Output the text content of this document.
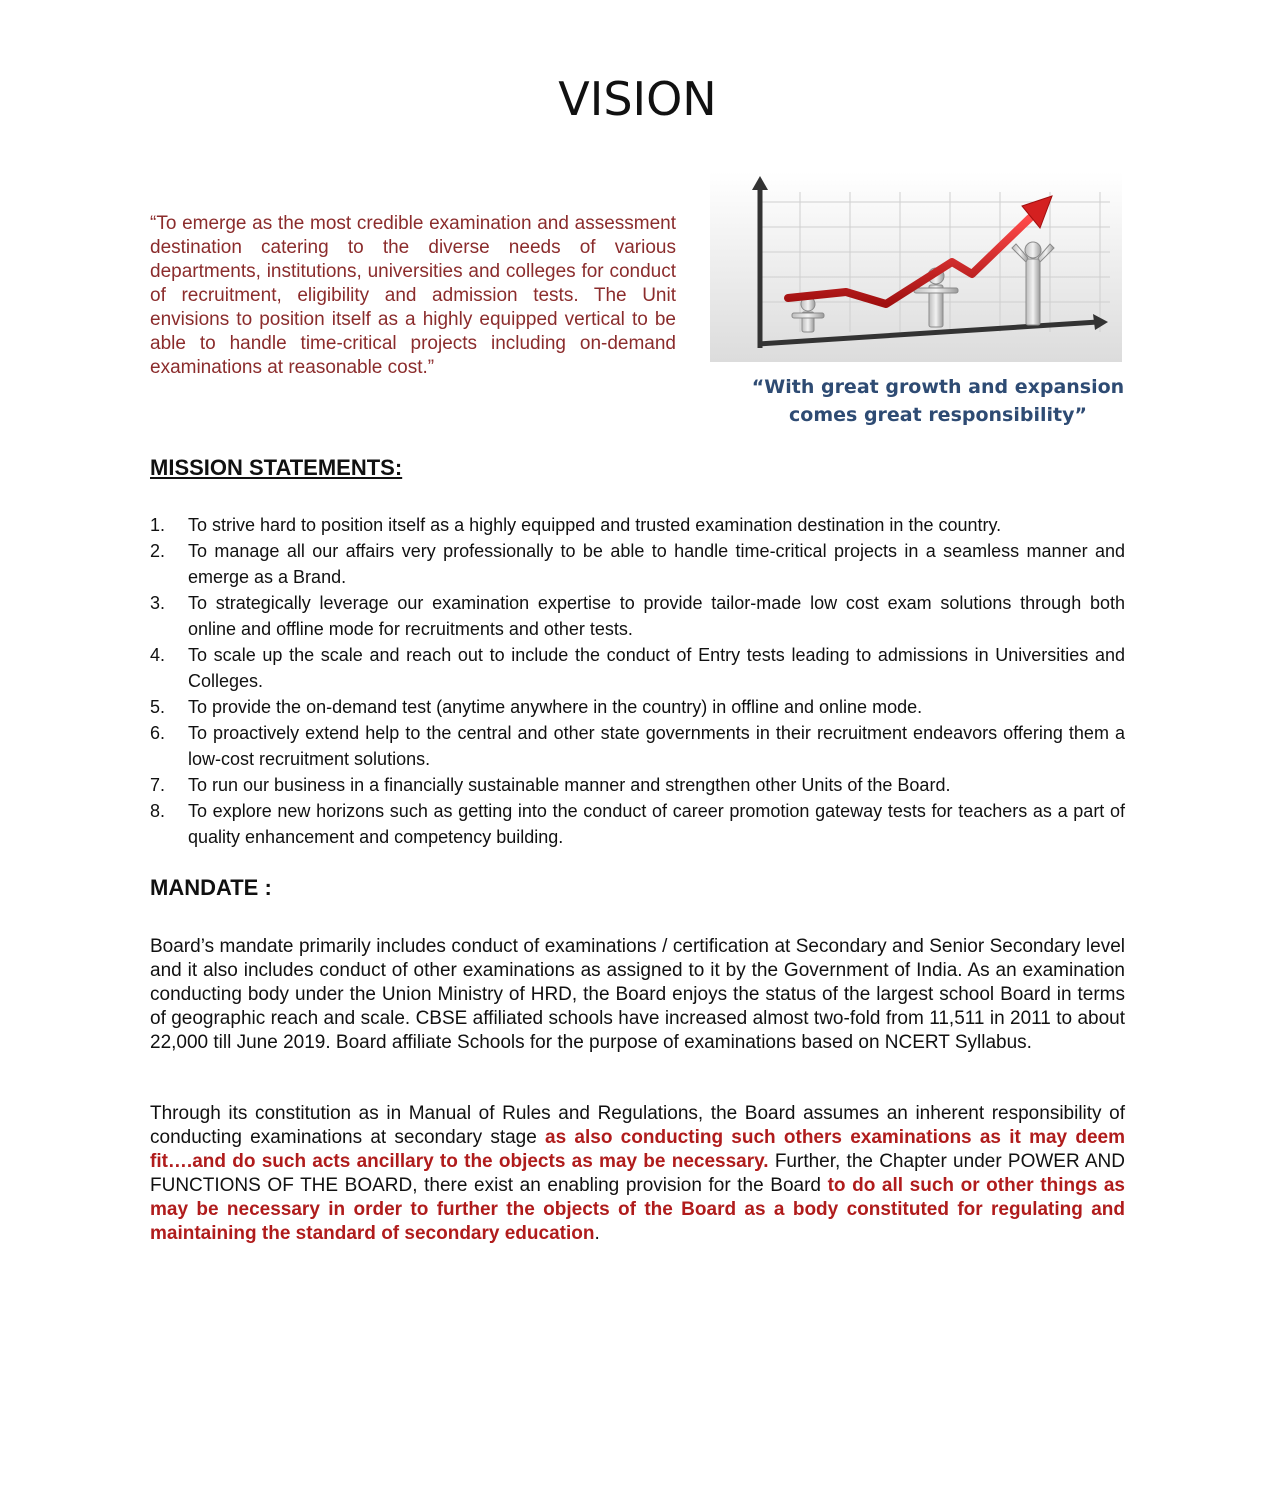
VISION

“To emerge as the most credible examination and assessment destination catering to the diverse needs of various departments, institutions, universities and colleges for conduct of recruitment, eligibility and admission tests. The Unit envisions to position itself as a highly equipped vertical to be able to handle time-critical projects including on-demand examinations at reasonable cost.”

“With great growth and expansion
comes great responsibility”

MISSION STATEMENTS:
1.	To strive hard to position itself as a highly equipped and trusted examination destination in the country.
2.	To manage all our affairs very professionally to be able to handle time-critical projects in a seamless manner and emerge as a Brand.
3.	To strategically leverage our examination expertise to provide tailor-made low cost exam solutions through both online and offline mode for recruitments and other tests.
4.	To scale up the scale and reach out to include the conduct of Entry tests leading to admissions in Universities and Colleges.
5.	To provide the on-demand test (anytime anywhere in the country) in offline and online mode.
6.	To proactively extend help to the central and other state governments in their recruitment endeavors offering them a low-cost recruitment solutions.
7.	To run our business in a financially sustainable manner and strengthen other Units of the Board.
8.	To explore new horizons such as getting into the conduct of career promotion gateway tests for teachers as a part of quality enhancement and competency building.
MANDATE :

Board’s mandate primarily includes conduct of examinations / certification at Secondary and Senior Secondary level and it also includes conduct of other examinations as assigned to it by the Government of India. As an examination conducting body under the Union Ministry of HRD, the Board enjoys the status of the largest school Board in terms of geographic reach and scale. CBSE affiliated schools have increased almost two-fold from 11,511 in 2011 to about 22,000 till June 2019. Board affiliate Schools for the purpose of examinations based on NCERT Syllabus.

Through its constitution as in Manual of Rules and Regulations, the Board assumes an inherent responsibility of conducting examinations at secondary stage as also conducting such others examinations as it may deem fit….and do such acts ancillary to the objects as may be necessary. Further, the Chapter under POWER AND FUNCTIONS OF THE BOARD, there exist an enabling provision for the Board to do all such or other things as may be necessary in order to further the objects of the Board as a body constituted for regulating and maintaining the standard of secondary education.
